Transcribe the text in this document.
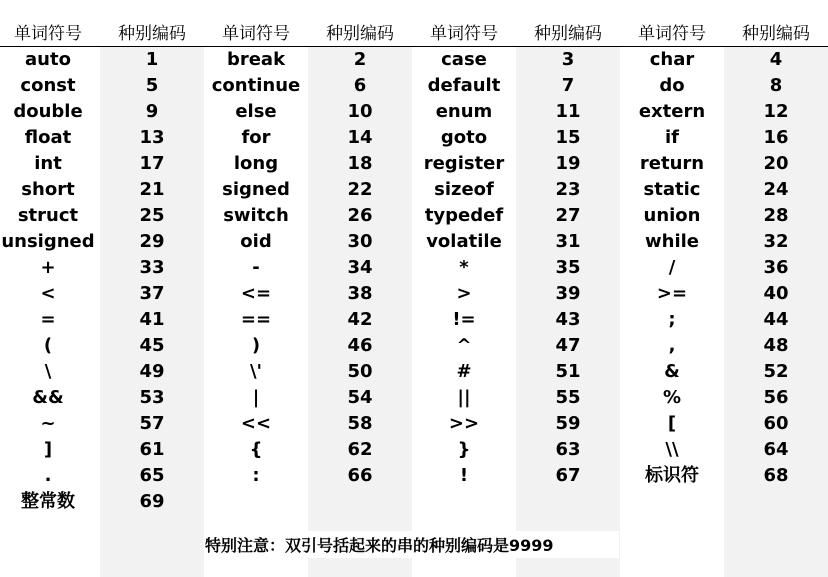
单词符号	种别编码
auto	1
const	5
double	9
float	13
int	17
short	21
struct	25
unsigned	29
+	33
<	37
=	41
(	45
\	49
&&	53
~	57
]	61
.	65
整常数	69
单词符号	种别编码
break	2
continue	6
else	10
for	14
long	18
signed	22
switch	26
oid	30
-	34
<=	38
==	42
)	46
\'	50
|	54
<<	58
{	62
:	66
单词符号	种别编码
case	3
default	7
enum	11
goto	15
register	19
sizeof	23
typedef	27
volatile	31
*	35
>	39
!=	43
^	47
#	51
||	55
>>	59
}	63
!	67
单词符号	种别编码
char	4
do	8
extern	12
if	16
return	20
static	24
union	28
while	32
/	36
>=	40
;	44
,	48
&	52
%	56
[	60
\\	64
标识符	68
特别注意：双引号括起来的串的种别编码是9999
